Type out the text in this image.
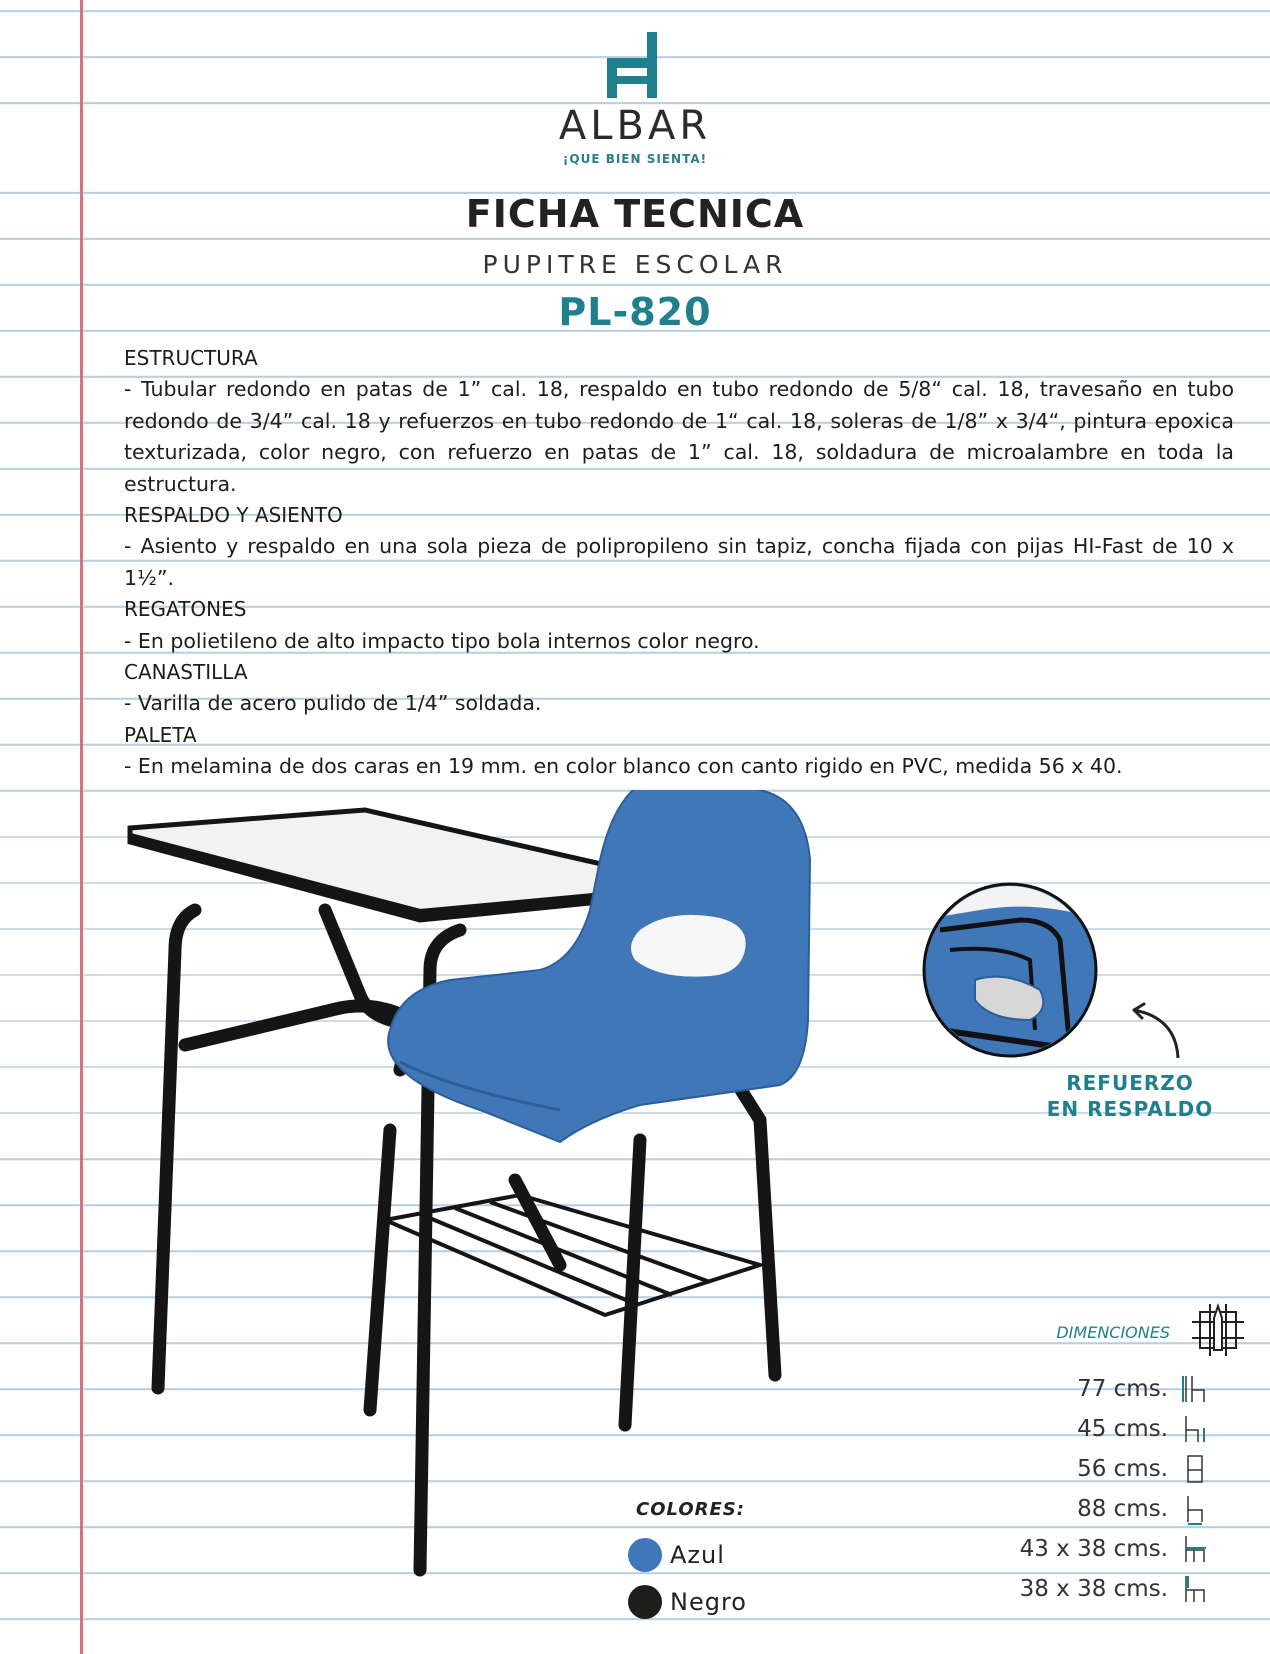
ALBAR
¡QUE BIEN SIENTA!
FICHA TECNICA
PUPITRE ESCOLAR
PL-820

ESTRUCTURA

- Tubular redondo en patas de 1” cal. 18, respaldo en tubo redondo de 5/8“ cal. 18, travesaño en tubo redondo de 3/4” cal. 18 y refuerzos en tubo redondo de 1“ cal. 18, soleras de 1/8” x 3/4“, pintura epoxica texturizada, color negro, con refuerzo en patas de 1” cal. 18, soldadura de microalambre en toda la estructura.

RESPALDO Y ASIENTO

- Asiento y respaldo en una sola pieza de polipropileno sin tapiz, concha fijada con pijas HI-Fast de 10 x 1½”.

REGATONES

- En polietileno de alto impacto tipo bola internos color negro.

CANASTILLA

- Varilla de acero pulido de 1/4” soldada.

PALETA

- En melamina de dos caras en 19 mm. en color blanco con canto rigido en PVC, medida 56 x 40.

REFUERZO
EN RESPALDO
COLORES:
Azul
Negro
DIMENCIONES
77 cms.
45 cms.
56 cms.
88 cms.
43 x 38 cms.
38 x 38 cms.
